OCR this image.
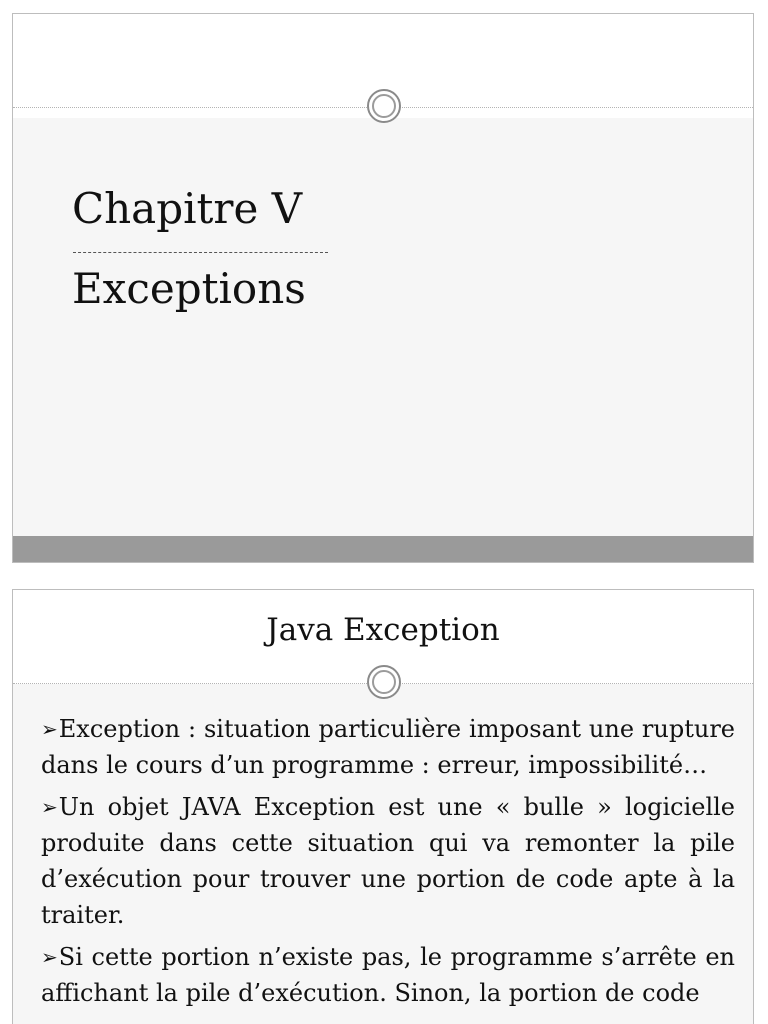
Chapitre V
Exceptions
Java Exception
➢Exception : situation particulière imposant une rupture dans le cours d’un programme : erreur, impossibilité…
➢Un objet JAVA Exception est une « bulle » logicielle produite dans cette situation qui va remonter la pile d’exécution pour trouver une portion de code apte à la traiter.
➢Si cette portion n’existe pas, le programme s’arrête en affichant la pile d’exécution. Sinon, la portion de code
